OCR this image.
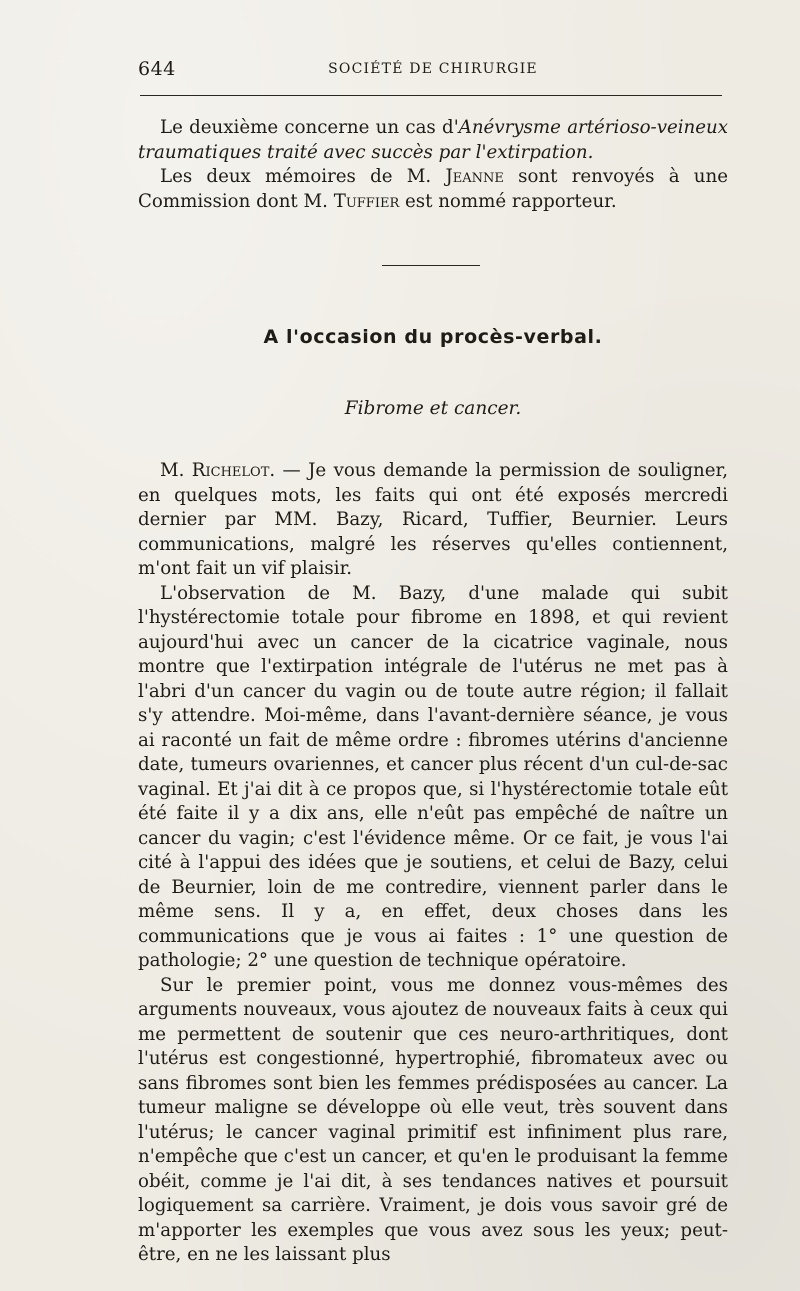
644	SOCIÉTÉ DE CHIRURGIE

Le deuxième concerne un cas d'Anévrysme artérioso-veineux traumatiques traité avec succès par l'extirpation.

Les deux mémoires de M. Jeanne sont renvoyés à une Commission dont M. Tuffier est nommé rapporteur.

A l'occasion du procès-verbal.
Fibrome et cancer.

M. Richelot. — Je vous demande la permission de souligner, en quelques mots, les faits qui ont été exposés mercredi dernier par MM. Bazy, Ricard, Tuffier, Beurnier. Leurs communications, malgré les réserves qu'elles contiennent, m'ont fait un vif plaisir.

L'observation de M. Bazy, d'une malade qui subit l'hystérectomie totale pour fibrome en 1898, et qui revient aujourd'hui avec un cancer de la cicatrice vaginale, nous montre que l'extirpation intégrale de l'utérus ne met pas à l'abri d'un cancer du vagin ou de toute autre région; il fallait s'y attendre. Moi-même, dans l'avant-dernière séance, je vous ai raconté un fait de même ordre : fibromes utérins d'ancienne date, tumeurs ovariennes, et cancer plus récent d'un cul-de-sac vaginal. Et j'ai dit à ce propos que, si l'hystérectomie totale eût été faite il y a dix ans, elle n'eût pas empêché de naître un cancer du vagin; c'est l'évidence même. Or ce fait, je vous l'ai cité à l'appui des idées que je soutiens, et celui de Bazy, celui de Beurnier, loin de me contredire, viennent parler dans le même sens. Il y a, en effet, deux choses dans les communications que je vous ai faites : 1° une question de pathologie; 2° une question de technique opératoire.

Sur le premier point, vous me donnez vous-mêmes des arguments nouveaux, vous ajoutez de nouveaux faits à ceux qui me permettent de soutenir que ces neuro-arthritiques, dont l'utérus est congestionné, hypertrophié, fibromateux avec ou sans fibromes sont bien les femmes prédisposées au cancer. La tumeur maligne se développe où elle veut, très souvent dans l'utérus; le cancer vaginal primitif est infiniment plus rare, n'empêche que c'est un cancer, et qu'en le produisant la femme obéit, comme je l'ai dit, à ses tendances natives et poursuit logiquement sa carrière. Vraiment, je dois vous savoir gré de m'apporter les exemples que vous avez sous les yeux; peut-être, en ne les laissant plus
